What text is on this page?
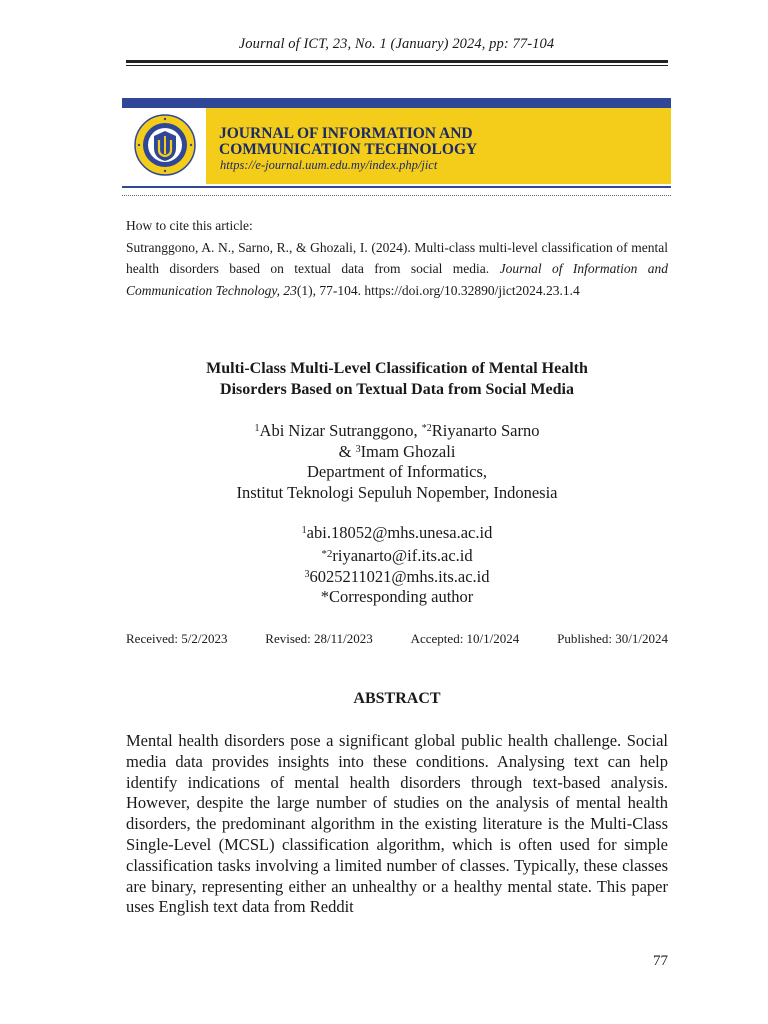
Journal of ICT, 23, No. 1 (January) 2024, pp: 77-104
JOURNAL OF INFORMATION AND
COMMUNICATION TECHNOLOGY
https://e-journal.uum.edu.my/index.php/jict
How to cite this article:
Sutranggono, A. N., Sarno, R., & Ghozali, I. (2024). Multi-class multi-level classification of mental health disorders based on textual data from social media. Journal of Information and Communication Technology, 23(1), 77-104. https://doi.org/10.32890/jict2024.23.1.4
Multi-Class Multi-Level Classification of Mental Health
Disorders Based on Textual Data from Social Media
$^1$Abi Nizar Sutranggono, $^{*2}$Riyanarto Sarno
& $^3$Imam Ghozali
Department of Informatics,
Institut Teknologi Sepuluh Nopember, Indonesia
$^1$abi.18052@mhs.unesa.ac.id
$^{*2}$riyanarto@if.its.ac.id
$^3$6025211021@mhs.its.ac.id
*Corresponding author
Received: 5/2/2023	Revised: 28/11/2023	Accepted: 10/1/2024	Published: 30/1/2024
ABSTRACT
Mental health disorders pose a significant global public health challenge. Social media data provides insights into these conditions. Analysing text can help identify indications of mental health disorders through text-based analysis. However, despite the large number of studies on the analysis of mental health disorders, the predominant algorithm in the existing literature is the Multi-Class Single-Level (MCSL) classification algorithm, which is often used for simple classification tasks involving a limited number of classes. Typically, these classes are binary, representing either an unhealthy or a healthy mental state. This paper uses English text data from Reddit
77
